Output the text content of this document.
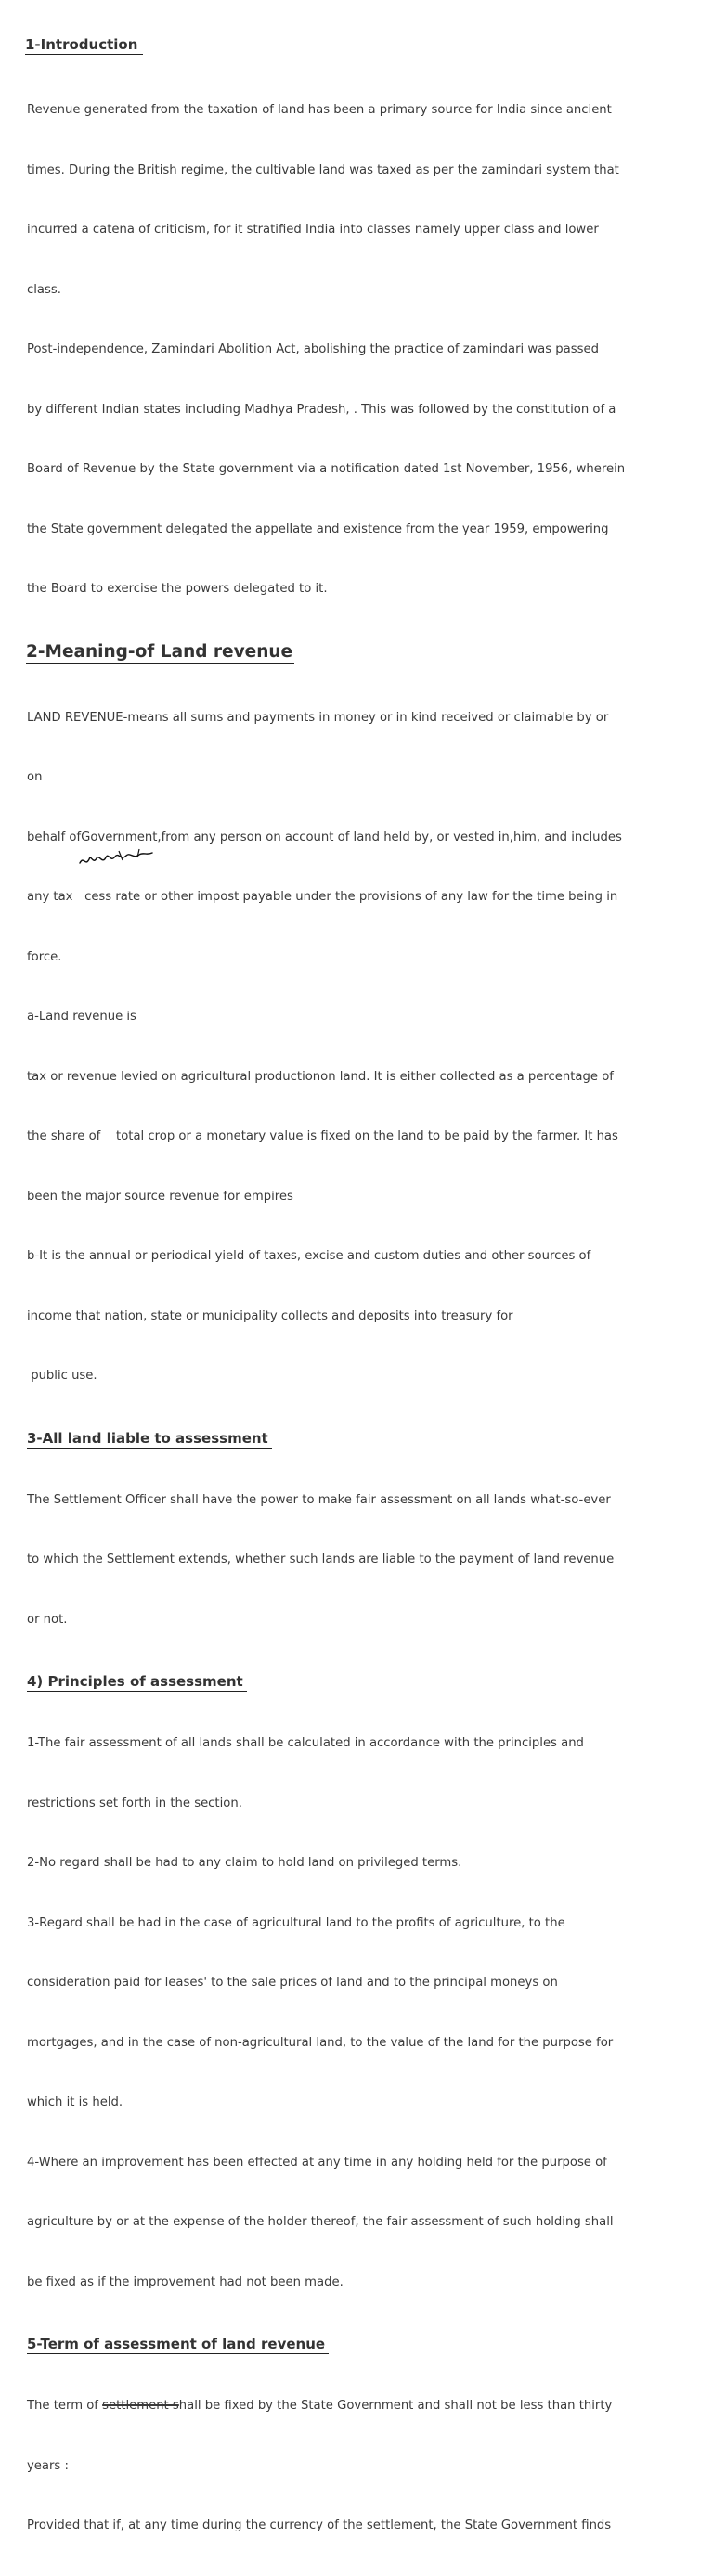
1-Introduction

Revenue generated from the taxation of land has been a primary source for India since ancient

times. During the British regime, the cultivable land was taxed as per the zamindari system that

incurred a catena of criticism, for it stratified India into classes namely upper class and lower

class.

Post-independence, Zamindari Abolition Act, abolishing the practice of zamindari was passed

by different Indian states including Madhya Pradesh, . This was followed by the constitution of a

Board of Revenue by the State government via a notification dated 1st November, 1956, wherein

the State government delegated the appellate and existence from the year 1959, empowering

the Board to exercise the powers delegated to it.

2-Meaning-of Land revenue

LAND REVENUE-means all sums and payments in money or in kind received or claimable by or

on

behalf ofGovernment,from any person on account of land held by, or vested in,him, and includes

any tax   cess rate or other impost payable under the provisions of any law for the time being in

force.

a-Land revenue is

tax or revenue levied on agricultural productionon land. It is either collected as a percentage of

the share of    total crop or a monetary value is fixed on the land to be paid by the farmer. It has

been the major source revenue for empires

b-It is the annual or periodical yield of taxes, excise and custom duties and other sources of

income that nation, state or municipality collects and deposits into treasury for

public use.

3-All land liable to assessment

The Settlement Officer shall have the power to make fair assessment on all lands what-so-ever

to which the Settlement extends, whether such lands are liable to the payment of land revenue

or not.

4) Principles of assessment

1-The fair assessment of all lands shall be calculated in accordance with the principles and

restrictions set forth in the section.

2-No regard shall be had to any claim to hold land on privileged terms.

3-Regard shall be had in the case of agricultural land to the profits of agriculture, to the

consideration paid for leases' to the sale prices of land and to the principal moneys on

mortgages, and in the case of non-agricultural land, to the value of the land for the purpose for

which it is held.

4-Where an improvement has been effected at any time in any holding held for the purpose of

agriculture by or at the expense of the holder thereof, the fair assessment of such holding shall

be fixed as if the improvement had not been made.

5-Term of assessment of land revenue

The term of settlement shall be fixed by the State Government and shall not be less than thirty

years :

Provided that if, at any time during the currency of the settlement, the State Government finds
